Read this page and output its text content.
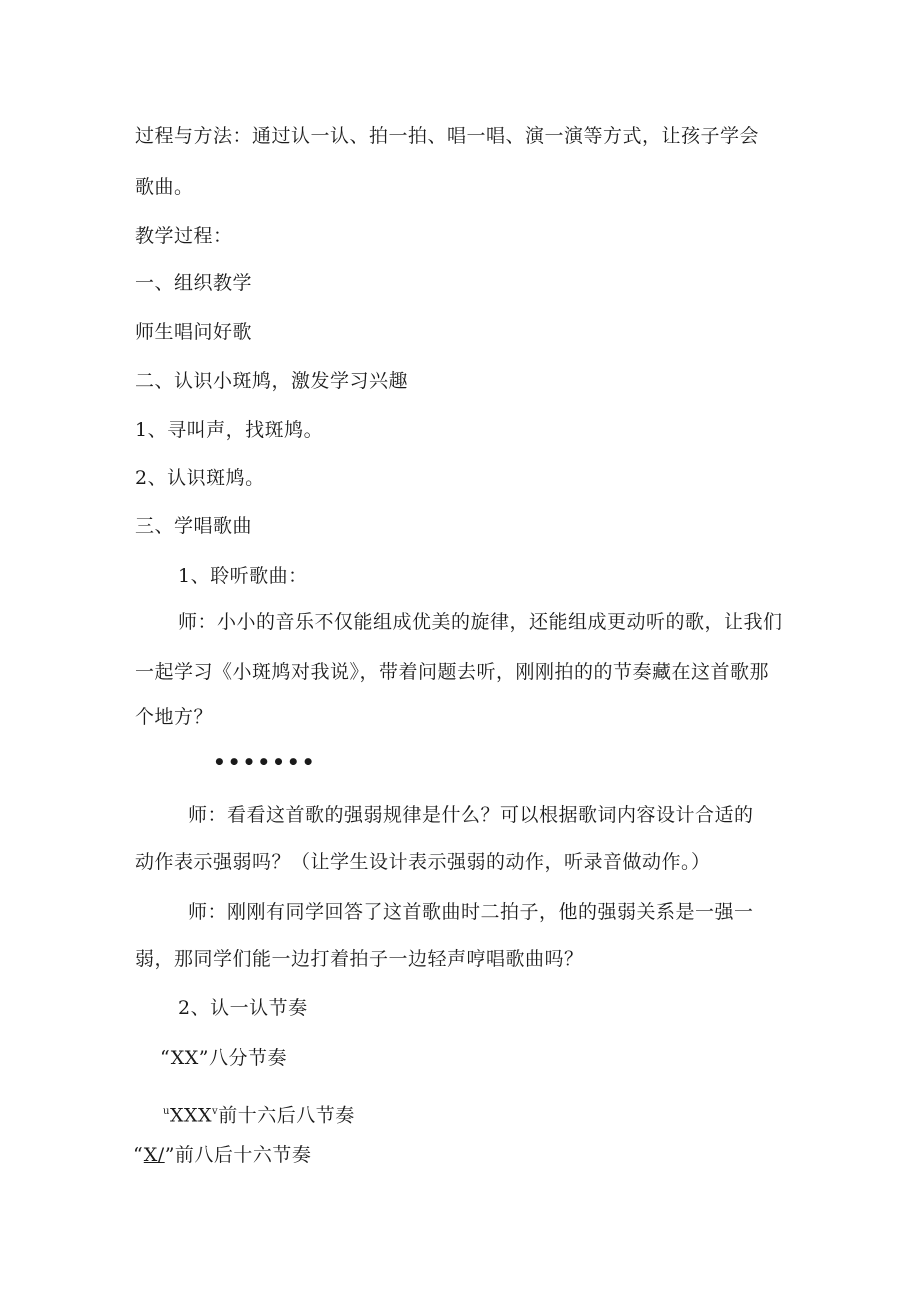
过程与方法：通过认一认、拍一拍、唱一唱、演一演等方式，让孩子学会
歌曲。
教学过程：
一、组织教学
师生唱问好歌
二、认识小斑鸠，激发学习兴趣
1、寻叫声，找斑鸠。
2、认识斑鸠。
三、学唱歌曲
1、聆听歌曲：
师：小小的音乐不仅能组成优美的旋律，还能组成更动听的歌，让我们
一起学习《小斑鸠对我说》，带着问题去听，刚刚拍的的节奏藏在这首歌那
个地方？
•••••••
师：看看这首歌的强弱规律是什么？可以根据歌词内容设计合适的
动作表示强弱吗？（让学生设计表示强弱的动作，听录音做动作。）
师：刚刚有同学回答了这首歌曲时二拍子，他的强弱关系是一强一
弱，那同学们能一边打着拍子一边轻声哼唱歌曲吗？
2、认一认节奏
“XX”八分节奏
$^u$XXX$^v$前十六后八节奏
“X/”前八后十六节奏
